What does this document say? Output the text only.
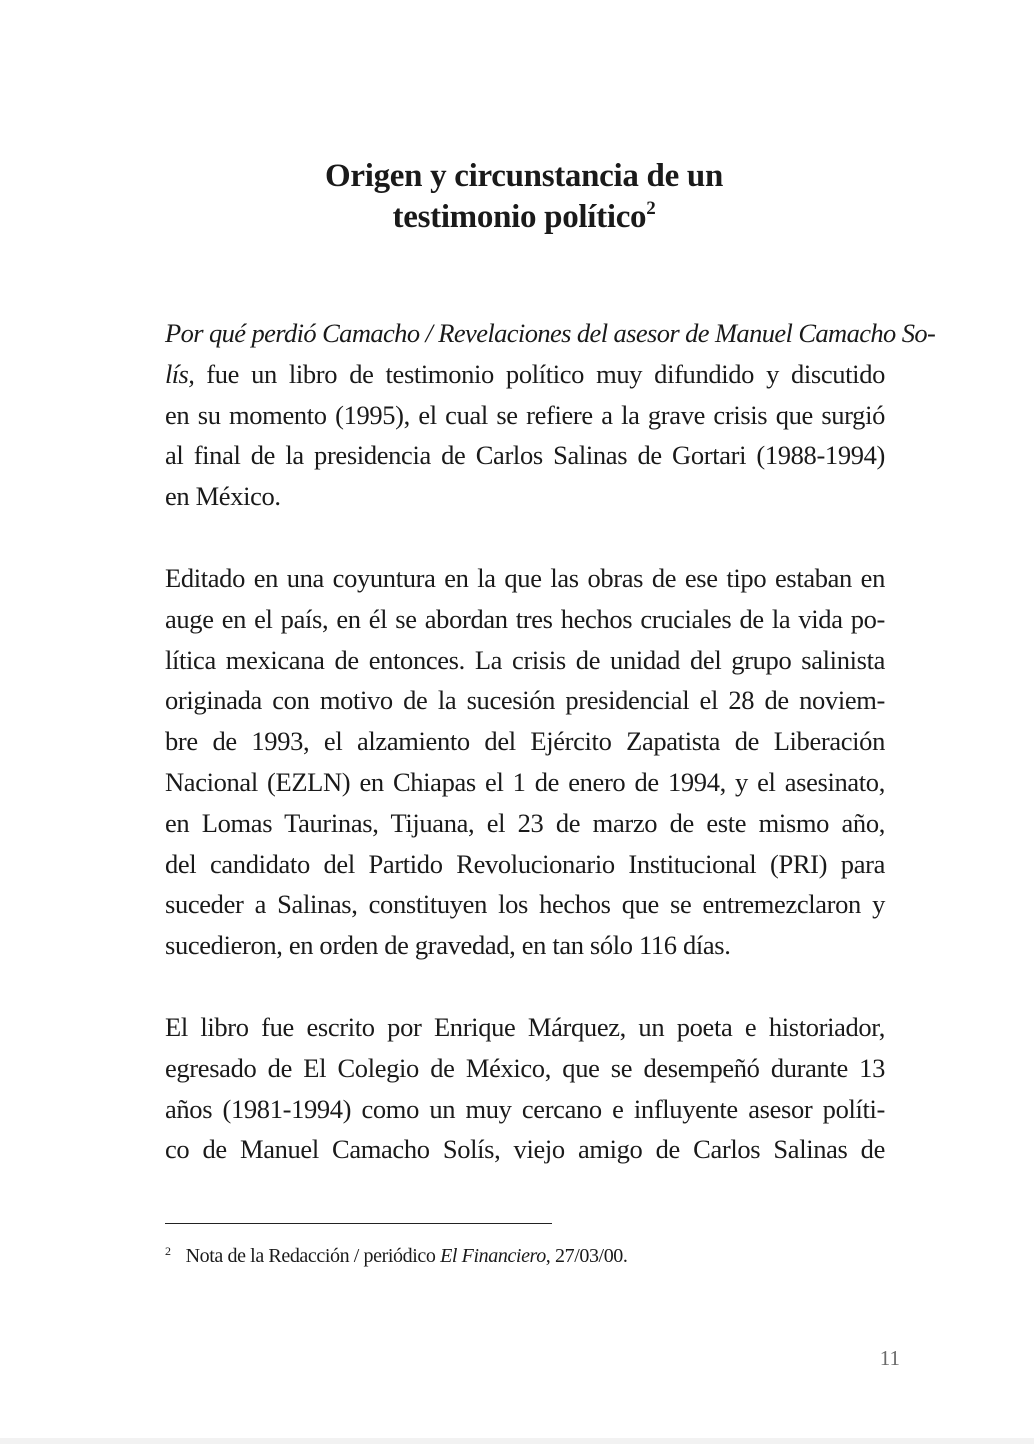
Origen y circunstancia de un
testimonio político$^2$
Por qué perdió Camacho / Revelaciones del asesor de Manuel Camacho So-
lís, fue un libro de testimonio político muy difundido y discutido
en su momento (1995), el cual se refiere a la grave crisis que surgió
al final de la presidencia de Carlos Salinas de Gortari (1988-1994)
en México.
Editado en una coyuntura en la que las obras de ese tipo estaban en
auge en el país, en él se abordan tres hechos cruciales de la vida po-
lítica mexicana de entonces. La crisis de unidad del grupo salinista
originada con motivo de la sucesión presidencial el 28 de noviem-
bre de 1993, el alzamiento del Ejército Zapatista de Liberación
Nacional (EZLN) en Chiapas el 1 de enero de 1994, y el asesinato,
en Lomas Taurinas, Tijuana, el 23 de marzo de este mismo año,
del candidato del Partido Revolucionario Institucional (PRI) para
suceder a Salinas, constituyen los hechos que se entremezclaron y
sucedieron, en orden de gravedad, en tan sólo 116 días.
El libro fue escrito por Enrique Márquez, un poeta e historiador,
egresado de El Colegio de México, que se desempeñó durante 13
años (1981-1994) como un muy cercano e influyente asesor políti-
co de Manuel Camacho Solís, viejo amigo de Carlos Salinas de
$^2$ Nota de la Redacción / periódico El Financiero, 27/03/00.
11
